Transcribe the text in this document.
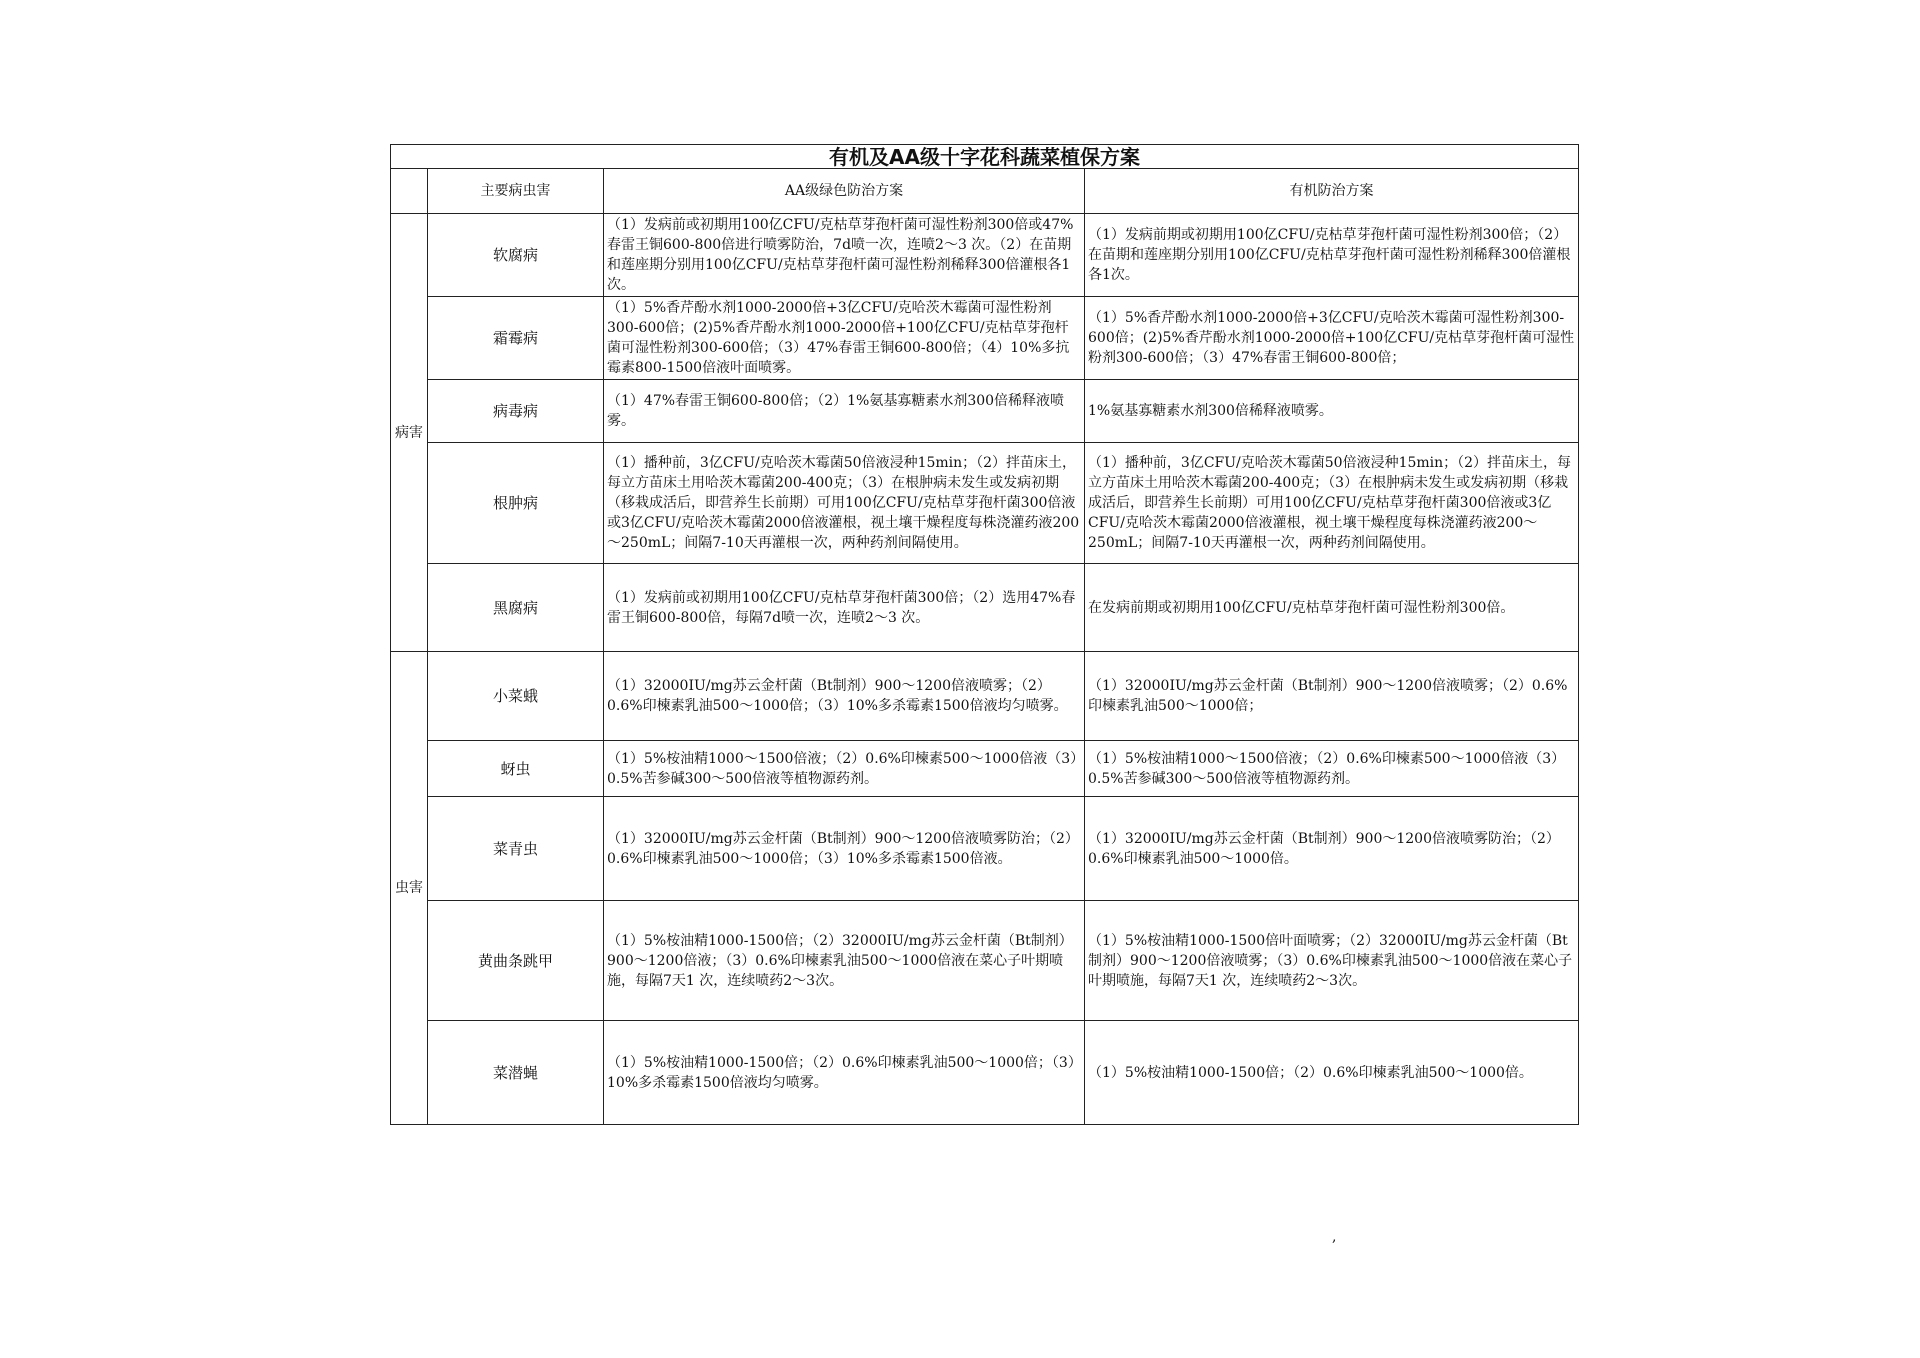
有机及AA级十字花科蔬菜植保方案			
	主要病虫害	AA级绿色防治方案	有机防治方案
病害	软腐病	（1）发病前或初期用100亿CFU/克枯草芽孢杆菌可湿性粉剂300倍或47%春雷王铜600-800倍进行喷雾防治，7d喷一次，连喷2～3 次。（2）在苗期和莲座期分别用100亿CFU/克枯草芽孢杆菌可湿性粉剂稀释300倍灌根各1次。	（1）发病前期或初期用100亿CFU/克枯草芽孢杆菌可湿性粉剂300倍；（2）在苗期和莲座期分别用100亿CFU/克枯草芽孢杆菌可湿性粉剂稀释300倍灌根各1次。

	霜霉病	（1）5%香芹酚水剂1000-2000倍+3亿CFU/克哈茨木霉菌可湿性粉剂300-600倍；(2)5%香芹酚水剂1000-2000倍+100亿CFU/克枯草芽孢杆菌可湿性粉剂300-600倍；（3）47%春雷王铜600-800倍；（4）10%多抗霉素800-1500倍液叶面喷雾。	（1）5%香芹酚水剂1000-2000倍+3亿CFU/克哈茨木霉菌可湿性粉剂300-600倍；(2)5%香芹酚水剂1000-2000倍+100亿CFU/克枯草芽孢杆菌可湿性粉剂300-600倍；（3）47%春雷王铜600-800倍；

	病毒病	（1）47%春雷王铜600-800倍；（2）1%氨基寡糖素水剂300倍稀释液喷雾。	1%氨基寡糖素水剂300倍稀释液喷雾。

	根肿病	（1）播种前，3亿CFU/克哈茨木霉菌50倍液浸种15min；（2）拌苗床土，每立方苗床土用哈茨木霉菌200-400克；（3）在根肿病未发生或发病初期（移栽成活后，即营养生长前期）可用100亿CFU/克枯草芽孢杆菌300倍液或3亿CFU/克哈茨木霉菌2000倍液灌根，视土壤干燥程度每株浇灌药液200～250mL；间隔7-10天再灌根一次，两种药剂间隔使用。	（1）播种前，3亿CFU/克哈茨木霉菌50倍液浸种15min；（2）拌苗床土，每立方苗床土用哈茨木霉菌200-400克；（3）在根肿病未发生或发病初期（移栽成活后，即营养生长前期）可用100亿CFU/克枯草芽孢杆菌300倍液或3亿CFU/克哈茨木霉菌2000倍液灌根，视土壤干燥程度每株浇灌药液200～250mL；间隔7-10天再灌根一次，两种药剂间隔使用。

	黑腐病	（1）发病前或初期用100亿CFU/克枯草芽孢杆菌300倍；（2）选用47%春雷王铜600-800倍，每隔7d喷一次，连喷2～3 次。	在发病前期或初期用100亿CFU/克枯草芽孢杆菌可湿性粉剂300倍。

虫害	小菜蛾	（1）32000IU/mg苏云金杆菌（Bt制剂）900～1200倍液喷雾；（2）0.6%印楝素乳油500～1000倍；（3）10%多杀霉素1500倍液均匀喷雾。	（1）32000IU/mg苏云金杆菌（Bt制剂）900～1200倍液喷雾；（2）0.6%印楝素乳油500～1000倍；

	蚜虫	（1）5%桉油精1000～1500倍液；（2）0.6%印楝素500～1000倍液（3）0.5%苦参碱300～500倍液等植物源药剂。	（1）5%桉油精1000～1500倍液；（2）0.6%印楝素500～1000倍液（3）0.5%苦参碱300～500倍液等植物源药剂。

	菜青虫	（1）32000IU/mg苏云金杆菌（Bt制剂）900～1200倍液喷雾防治；（2）0.6%印楝素乳油500～1000倍；（3）10%多杀霉素1500倍液。	（1）32000IU/mg苏云金杆菌（Bt制剂）900～1200倍液喷雾防治；（2）0.6%印楝素乳油500～1000倍。

	黄曲条跳甲	（1）5%桉油精1000-1500倍；（2）32000IU/mg苏云金杆菌（Bt制剂）900～1200倍液；（3）0.6%印楝素乳油500～1000倍液在菜心子叶期喷施，每隔7天1 次，连续喷药2～3次。	（1）5%桉油精1000-1500倍叶面喷雾；（2）32000IU/mg苏云金杆菌（Bt制剂）900～1200倍液喷雾；（3）0.6%印楝素乳油500～1000倍液在菜心子叶期喷施，每隔7天1 次，连续喷药2～3次。

	菜潜蝇	（1）5%桉油精1000-1500倍；（2）0.6%印楝素乳油500～1000倍；（3）10%多杀霉素1500倍液均匀喷雾。	（1）5%桉油精1000-1500倍；（2）0.6%印楝素乳油500～1000倍。
,
